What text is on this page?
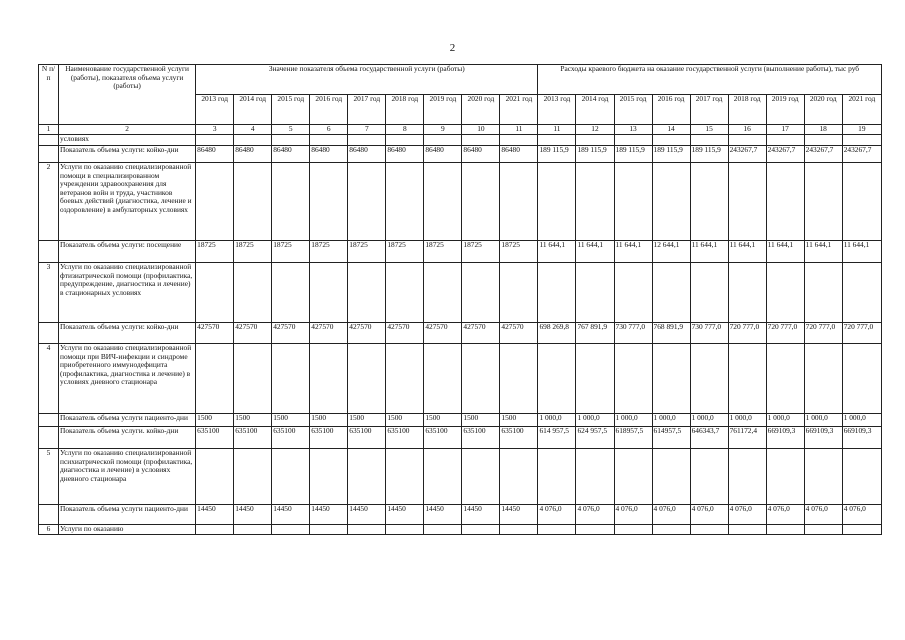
2
N п/п	Наименование государственной услуги (работы), показателя объема услуги (работы)	Значение показателя объема государственной услуги (работы)									Расходы краевого бюджета на оказание государственной услуги (выполнение работы), тыс руб								
		2013 год	2014 год	2015 год	2016 год	2017 год	2018 год	2019 год	2020 год	2021 год	2013 год	2014 год	2015 год	2016 год	2017 год	2018 год	2019 год	2020 год	2021 год
1	2	3	4	5	6	7	8	9	10	11	11	12	13	14	15	16	17	18	19
	условиях																		
	Показатель объема услуги: койко-дни	86480	86480	86480	86480	86480	86480	86480	86480	86480	189 115,9	189 115,9	189 115,9	189 115,9	189 115,9	243267,7	243267,7	243267,7	243267,7
2	Услуги по оказанию специализированной помощи в специализированном учреждении здравоохранения для ветеранов войн и труда, участников боевых действий (диагностика, лечение и оздоровление) в амбулаторных условиях																		
	Показатель объема услуги: посещение	18725	18725	18725	18725	18725	18725	18725	18725	18725	11 644,1	11 644,1	11 644,1	12 644,1	11 644,1	11 644,1	11 644,1	11 644,1	11 644,1
3	Услуги по оказанию специализированной фтизиатрической помощи (профилактика, предупреждение, диагностика и лечение) в стационарных условиях																		
	Показатель объема услуги: койко-дни	427570	427570	427570	427570	427570	427570	427570	427570	427570	698 269,8	767 891,9	730 777,0	768 891,9	730 777,0	720 777,0	720 777,0	720 777,0	720 777,0
4	Услуги по оказанию специализированной помощи при ВИЧ-инфекции и синдроме приобретенного иммунодефицита (профилактика, диагностика и лечение) в условиях дневного стационара																		
	Показатель объема услуги пациенто-дни	1500	1500	1500	1500	1500	1500	1500	1500	1500	1 000,0	1 000,0	1 000,0	1 000,0	1 000,0	1 000,0	1 000,0	1 000,0	1 000,0
	Показатель объема услуги. койко-дни	635100	635100	635100	635100	635100	635100	635100	635100	635100	614 957,5	624 957,5	618957,5	614957,5	646343,7	761172,4	669109,3	669109,3	669109,3
5	Услуги по оказанию специализированной психиатрической помощи (профилактика, диагностика и лечение) в условиях дневного стационара																		
	Показатель объема услуги пациенто-дни	14450	14450	14450	14450	14450	14450	14450	14450	14450	4 076,0	4 076,0	4 076,0	4 076,0	4 076,0	4 076,0	4 076,0	4 076,0	4 076,0
6	Услуги по оказанию																		
